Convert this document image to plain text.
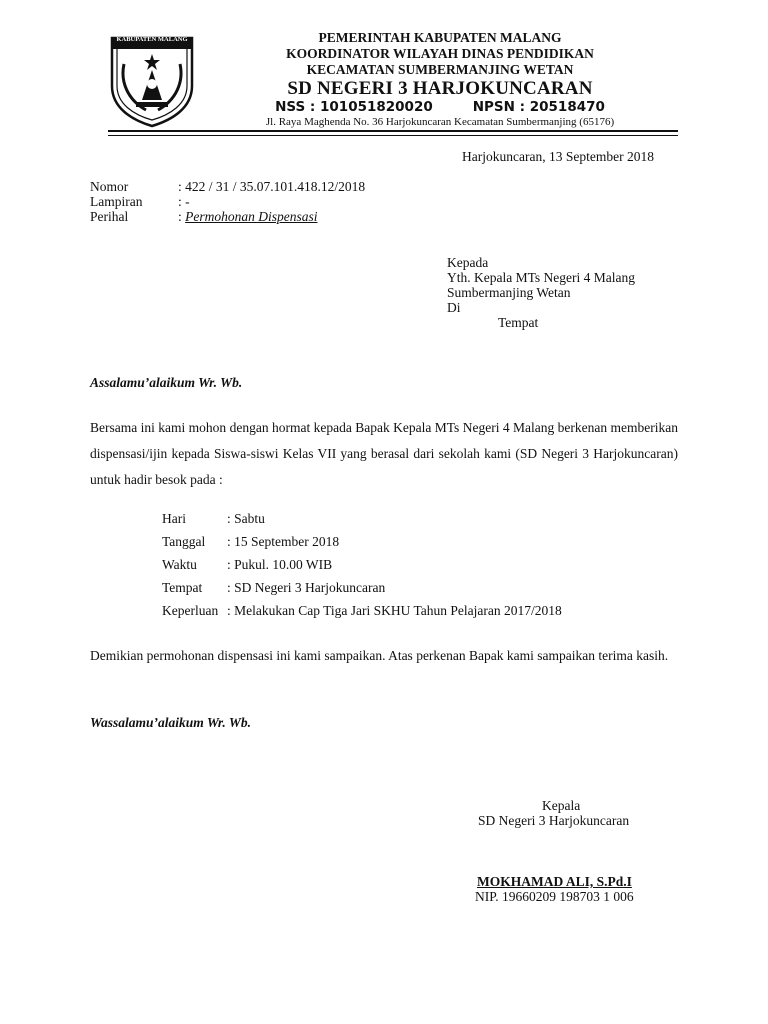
KABUPATEN MALANG	PEMERINTAH KABUPATEN MALANG
KOORDINATOR WILAYAH DINAS PENDIDIKAN
KECAMATAN SUMBERMANJING WETAN
SD NEGERI 3 HARJOKUNCARAN
NSS : 101051820020	NPSN : 20518470
Jl. Raya Maghenda No. 36 Harjokuncaran Kecamatan Sumbermanjing (65176)
Harjokuncaran, 13 September 2018
Nomor	: 422 / 31 / 35.07.101.418.12/2018
Lampiran	: -
Perihal	: Permohonan Dispensasi
Kepada
Yth. Kepala MTs Negeri 4 Malang
Sumbermanjing Wetan
Di
Tempat
Assalamu’alaikum Wr. Wb.
Bersama ini kami mohon dengan hormat kepada Bapak Kepala MTs Negeri 4 Malang berkenan memberikan dispensasi/ijin kepada Siswa-siswi Kelas VII yang berasal dari sekolah kami (SD Negeri 3 Harjokuncaran) untuk hadir besok pada :
Hari	: Sabtu
Tanggal : 15 September 2018
Waktu : Pukul. 10.00 WIB
Tempat : SD Negeri 3 Harjokuncaran
Keperluan : Melakukan Cap Tiga Jari SKHU Tahun Pelajaran 2017/2018
Demikian permohonan dispensasi ini kami sampaikan. Atas perkenan Bapak kami sampaikan terima kasih.
Wassalamu’alaikum Wr. Wb.
Kepala
SD Negeri 3 Harjokuncaran
MOKHAMAD ALI, S.Pd.I
NIP. 19660209 198703 1 006
